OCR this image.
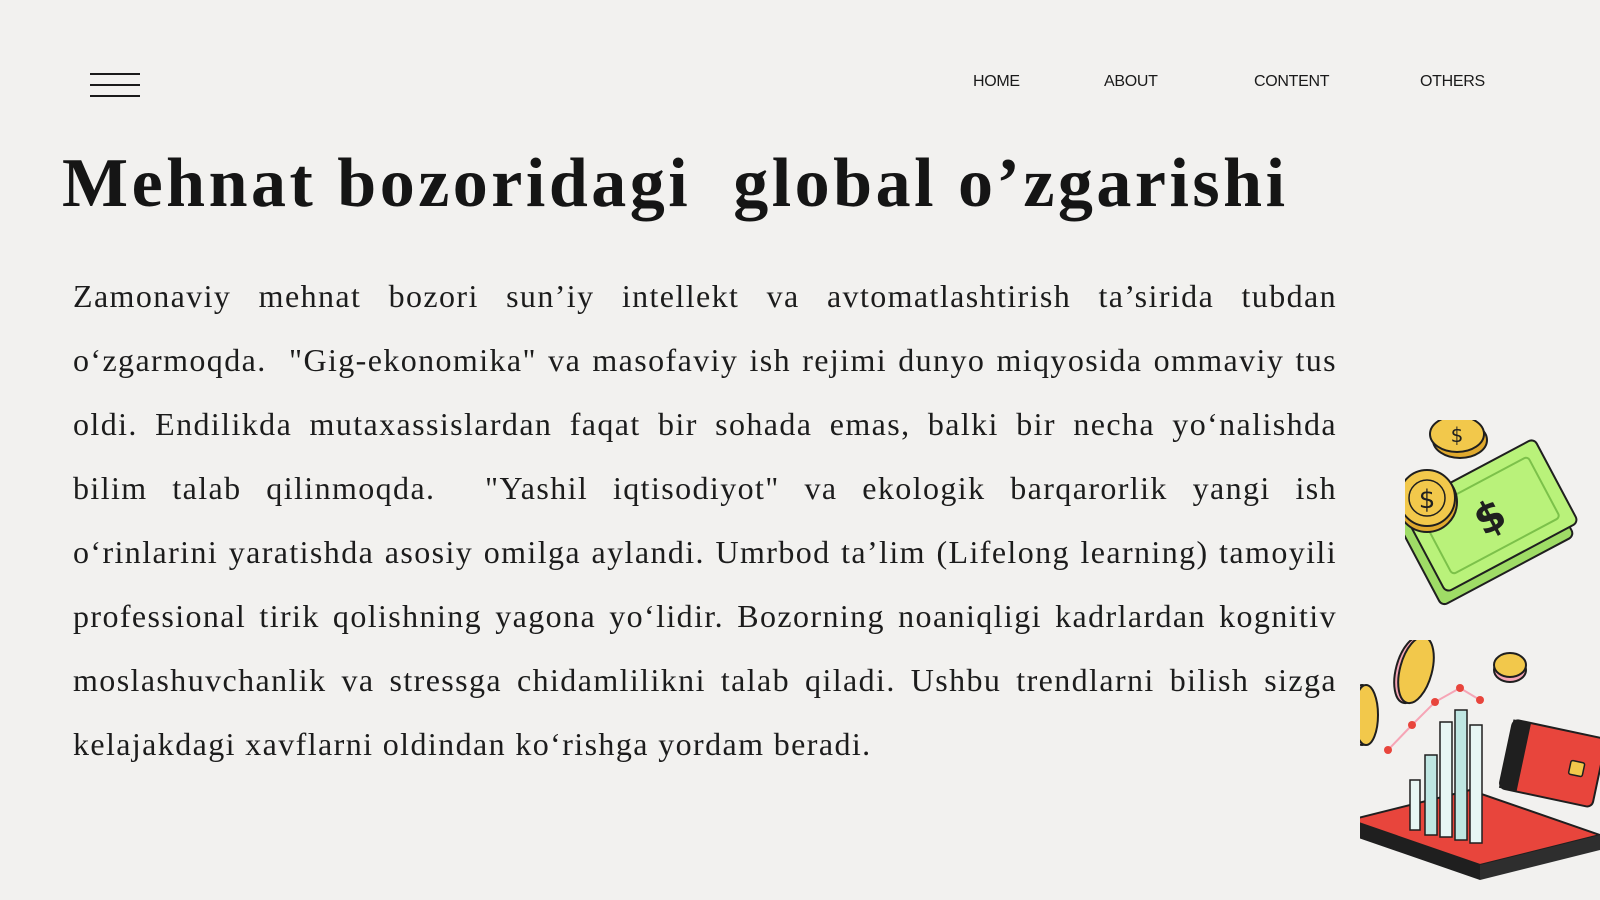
HOME	ABOUT	CONTENT	OTHERS
Mehnat bozoridagi  global o’zgarishi

Zamonaviy mehnat bozori sun’iy intellekt va avtomatlashtirish ta’sirida tubdan o‘zgarmoqda.  "Gig-ekonomika" va masofaviy ish rejimi dunyo miqyosida ommaviy tus oldi. Endilikda mutaxassislardan faqat bir sohada emas, balki bir necha yo‘nalishda bilim talab qilinmoqda.  "Yashil iqtisodiyot" va ekologik barqarorlik yangi ish o‘rinlarini yaratishda asosiy omilga aylandi. Umrbod ta’lim (Lifelong learning) tamoyili professional tirik qolishning yagona yo‘lidir. Bozorning noaniqligi kadrlardan kognitiv moslashuvchanlik va stressga chidamlilikni talab qiladi. Ushbu trendlarni bilish sizga kelajakdagi xavflarni oldindan ko‘rishga yordam beradi.

$
$
$
